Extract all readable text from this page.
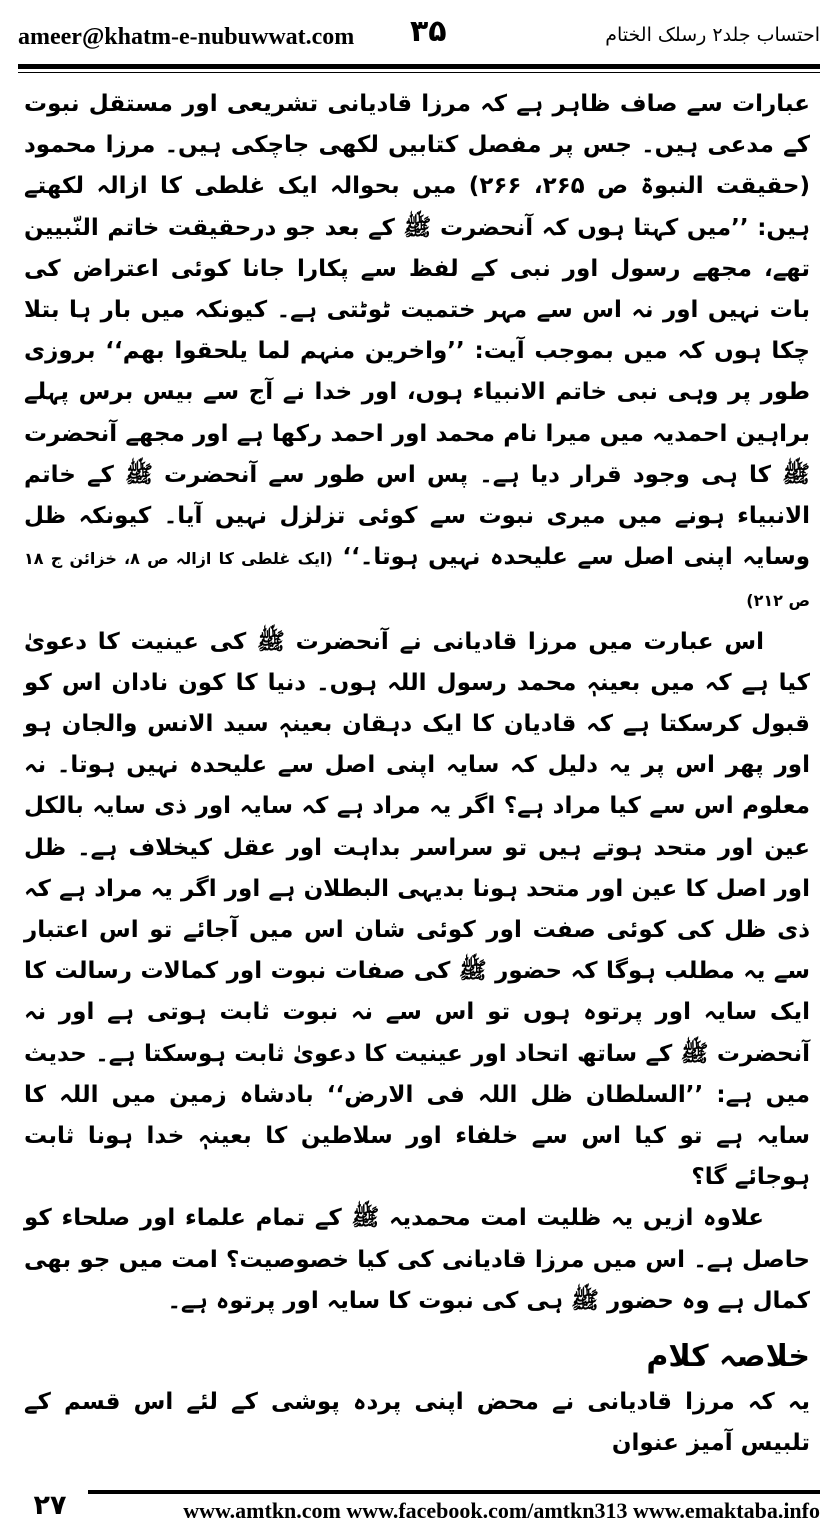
ameer@khatm-e-nubuwwat.com ۳۵	احتساب جلد۲ رسلک الختام

عبارات سے صاف ظاہر ہے کہ مرزا قادیانی تشریعی اور مستقل نبوت کے مدعی ہیں۔ جس پر مفصل کتابیں لکھی جاچکی ہیں۔ مرزا محمود (حقیقت النبوۃ ص ۲۶۵، ۲۶۶) میں بحوالہ ایک غلطی کا ازالہ لکھتے ہیں: ’’میں کہتا ہوں کہ آنحضرت ﷺ کے بعد جو درحقیقت خاتم النّبیین تھے، مجھے رسول اور نبی کے لفظ سے پکارا جانا کوئی اعتراض کی بات نہیں اور نہ اس سے مہر ختمیت ٹوٹتی ہے۔ کیونکہ میں بار ہا بتلا چکا ہوں کہ میں بموجب آیت: ’’واخرین منہم لما یلحقوا بھم‘‘ بروزی طور پر وہی نبی خاتم الانبیاء ہوں، اور خدا نے آج سے بیس برس پہلے براہین احمدیہ میں میرا نام محمد اور احمد رکھا ہے اور مجھے آنحضرت ﷺ کا ہی وجود قرار دیا ہے۔ پس اس طور سے آنحضرت ﷺ کے خاتم الانبیاء ہونے میں میری نبوت سے کوئی تزلزل نہیں آیا۔ کیونکہ ظل وسایہ اپنی اصل سے علیحدہ نہیں ہوتا۔‘‘ (ایک غلطی کا ازالہ ص ۸، خزائن ج ۱۸ ص ۲۱۲)

اس عبارت میں مرزا قادیانی نے آنحضرت ﷺ کی عینیت کا دعویٰ کیا ہے کہ میں بعینہٖ محمد رسول اللہ ہوں۔ دنیا کا کون نادان اس کو قبول کرسکتا ہے کہ قادیان کا ایک دہقان بعینہٖ سید الانس والجان ہو اور پھر اس پر یہ دلیل کہ سایہ اپنی اصل سے علیحدہ نہیں ہوتا۔ نہ معلوم اس سے کیا مراد ہے؟ اگر یہ مراد ہے کہ سایہ اور ذی سایہ بالکل عین اور متحد ہوتے ہیں تو سراسر بداہت اور عقل کیخلاف ہے۔ ظل اور اصل کا عین اور متحد ہونا بدیہی البطلان ہے اور اگر یہ مراد ہے کہ ذی ظل کی کوئی صفت اور کوئی شان اس میں آجائے تو اس اعتبار سے یہ مطلب ہوگا کہ حضور ﷺ کی صفات نبوت اور کمالات رسالت کا ایک سایہ اور پرتوہ ہوں تو اس سے نہ نبوت ثابت ہوتی ہے اور نہ آنحضرت ﷺ کے ساتھ اتحاد اور عینیت کا دعویٰ ثابت ہوسکتا ہے۔ حدیث میں ہے: ’’السلطان ظل اللہ فی الارض‘‘ بادشاہ زمین میں اللہ کا سایہ ہے تو کیا اس سے خلفاء اور سلاطین کا بعینہٖ خدا ہونا ثابت ہوجائے گا؟

علاوہ ازیں یہ ظلیت امت محمدیہ ﷺ کے تمام علماء اور صلحاء کو حاصل ہے۔ اس میں مرزا قادیانی کی کیا خصوصیت؟ امت میں جو بھی کمال ہے وہ حضور ﷺ ہی کی نبوت کا سایہ اور پرتوہ ہے۔

خلاصہ کلام

یہ کہ مرزا قادیانی نے محض اپنی پردہ پوشی کے لئے اس قسم کے تلبیس آمیز عنوان

۲۷	www.amtkn.com www.facebook.com/amtkn313 www.emaktaba.info
